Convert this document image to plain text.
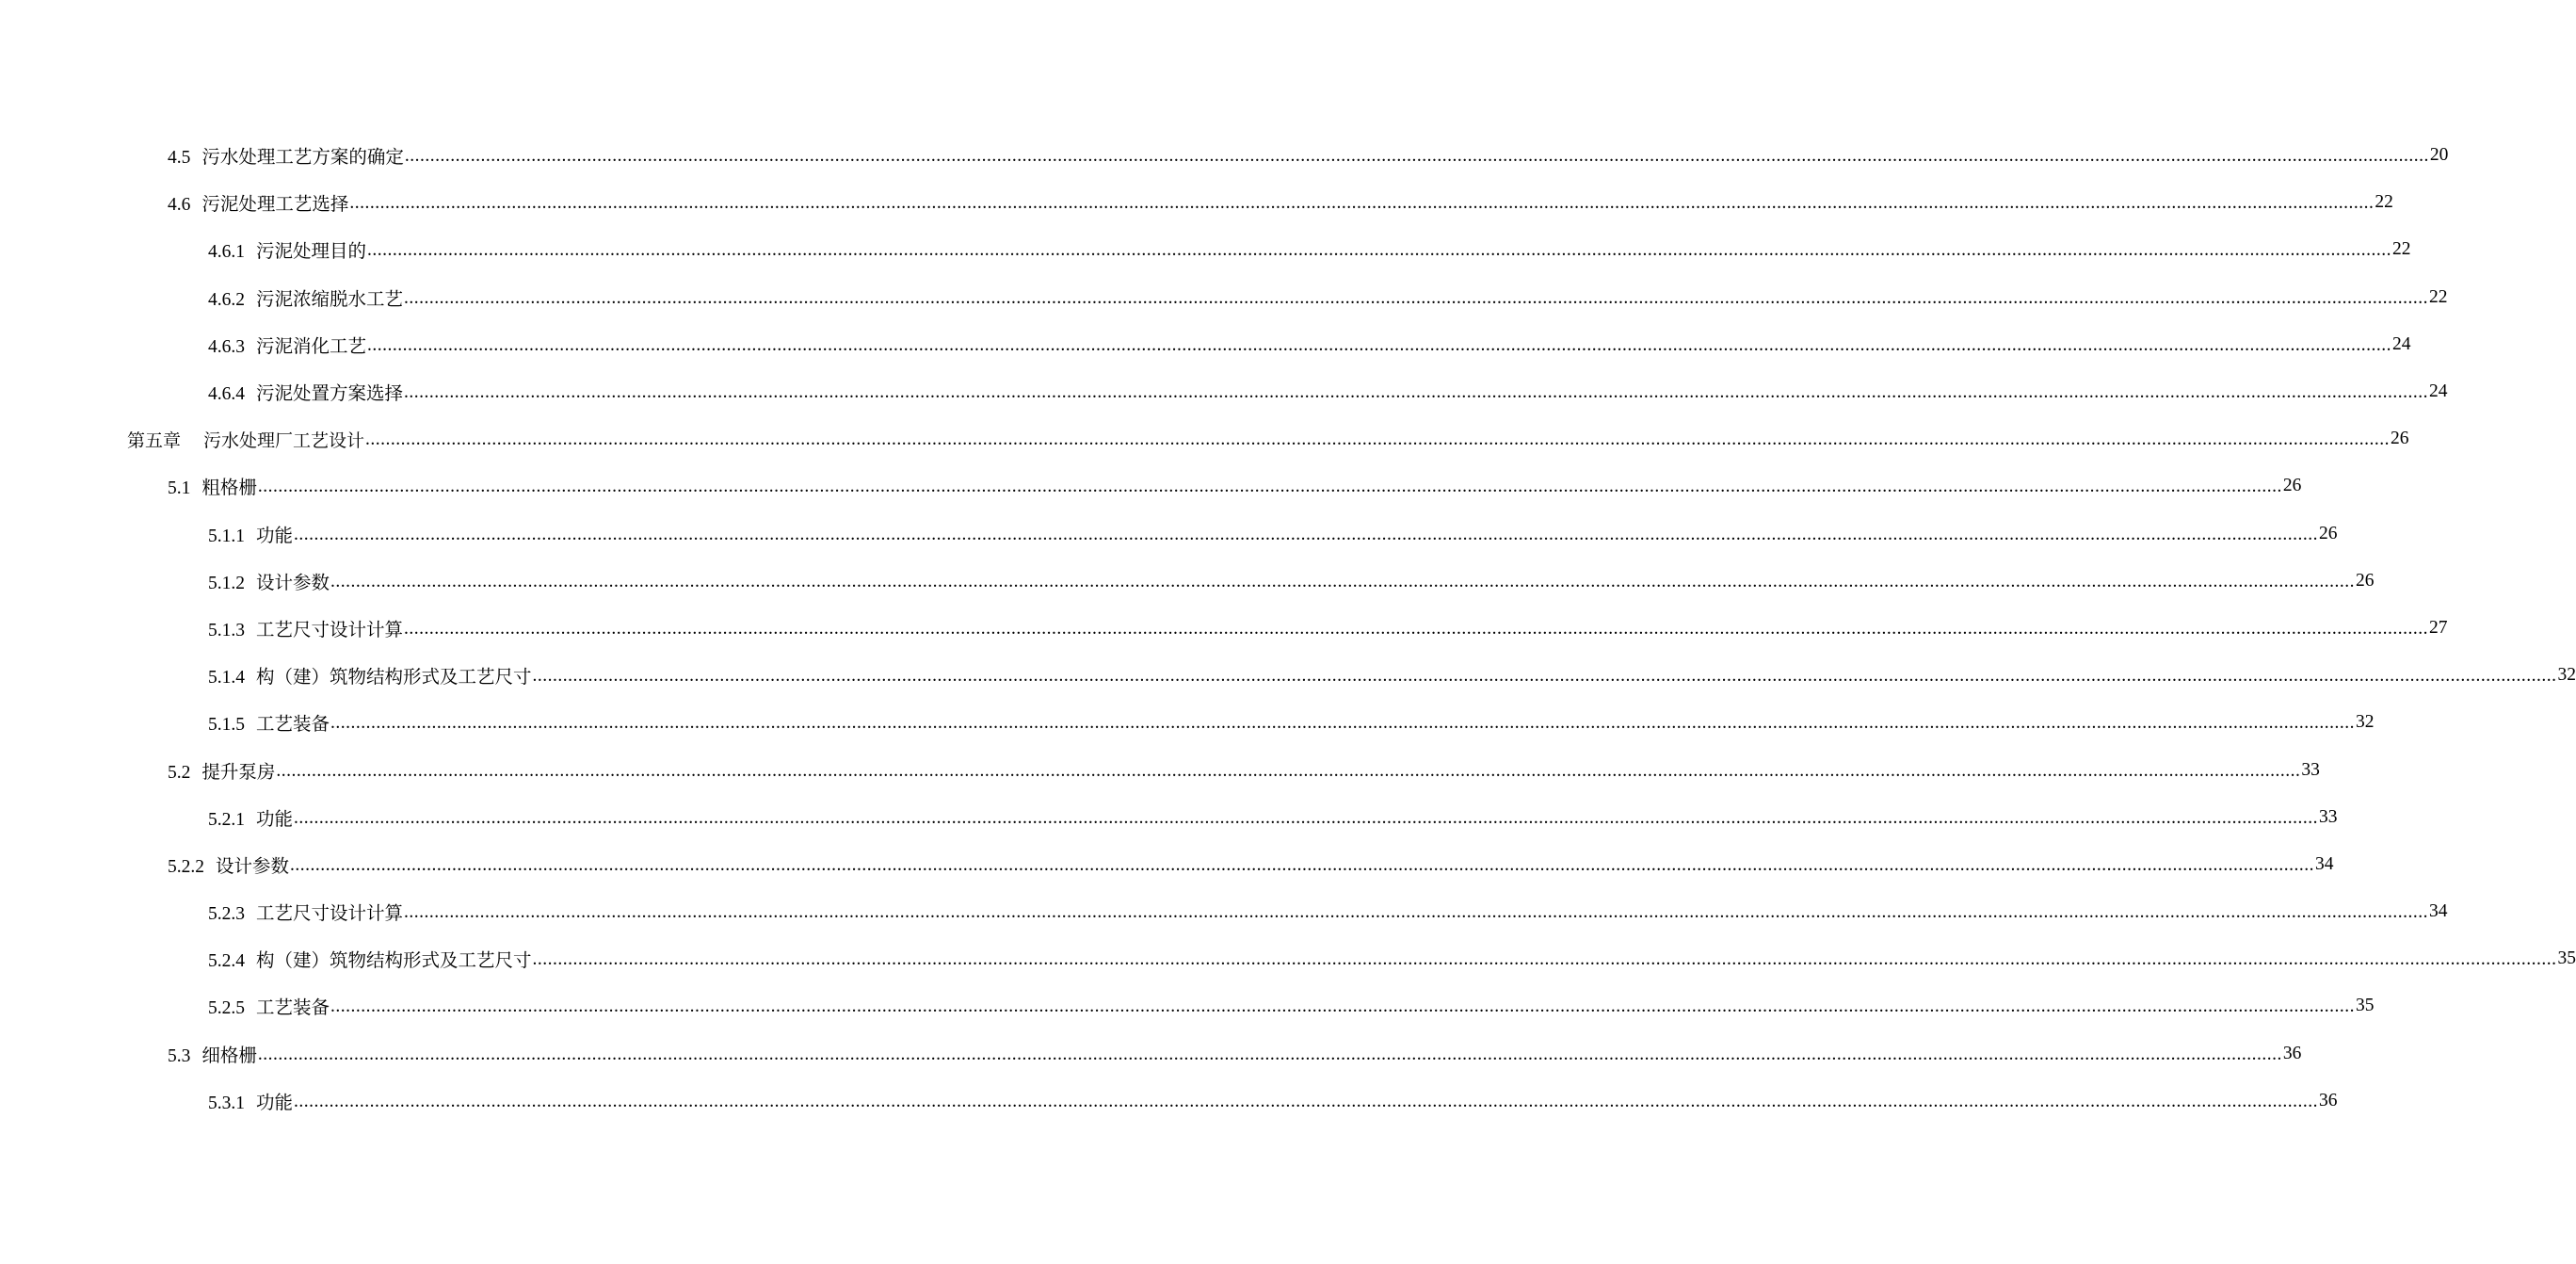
4.5 污水处理工艺方案的确定 ................................................................................................................................................................................................................................................................................................................................................................................................................ 20
4.6 污泥处理工艺选择 ................................................................................................................................................................................................................................................................................................................................................................................................................ 22
4.6.1 污泥处理目的 ................................................................................................................................................................................................................................................................................................................................................................................................................ 22
4.6.2 污泥浓缩脱水工艺 ................................................................................................................................................................................................................................................................................................................................................................................................................ 22
4.6.3 污泥消化工艺 ................................................................................................................................................................................................................................................................................................................................................................................................................ 24
4.6.4 污泥处置方案选择 ................................................................................................................................................................................................................................................................................................................................................................................................................ 24
第五章 污水处理厂工艺设计 ................................................................................................................................................................................................................................................................................................................................................................................................................ 26
5.1 粗格栅 ................................................................................................................................................................................................................................................................................................................................................................................................................ 26
5.1.1 功能 ................................................................................................................................................................................................................................................................................................................................................................................................................ 26
5.1.2 设计参数 ................................................................................................................................................................................................................................................................................................................................................................................................................ 26
5.1.3 工艺尺寸设计计算 ................................................................................................................................................................................................................................................................................................................................................................................................................ 27
5.1.4 构（建）筑物结构形式及工艺尺寸 ................................................................................................................................................................................................................................................................................................................................................................................................................ 32
5.1.5 工艺装备 ................................................................................................................................................................................................................................................................................................................................................................................................................ 32
5.2 提升泵房 ................................................................................................................................................................................................................................................................................................................................................................................................................ 33
5.2.1 功能 ................................................................................................................................................................................................................................................................................................................................................................................................................ 33
5.2.2 设计参数 ................................................................................................................................................................................................................................................................................................................................................................................................................ 34
5.2.3 工艺尺寸设计计算 ................................................................................................................................................................................................................................................................................................................................................................................................................ 34
5.2.4 构（建）筑物结构形式及工艺尺寸 ................................................................................................................................................................................................................................................................................................................................................................................................................ 35
5.2.5 工艺装备 ................................................................................................................................................................................................................................................................................................................................................................................................................ 35
5.3 细格栅 ................................................................................................................................................................................................................................................................................................................................................................................................................ 36
5.3.1 功能 ................................................................................................................................................................................................................................................................................................................................................................................................................ 36
